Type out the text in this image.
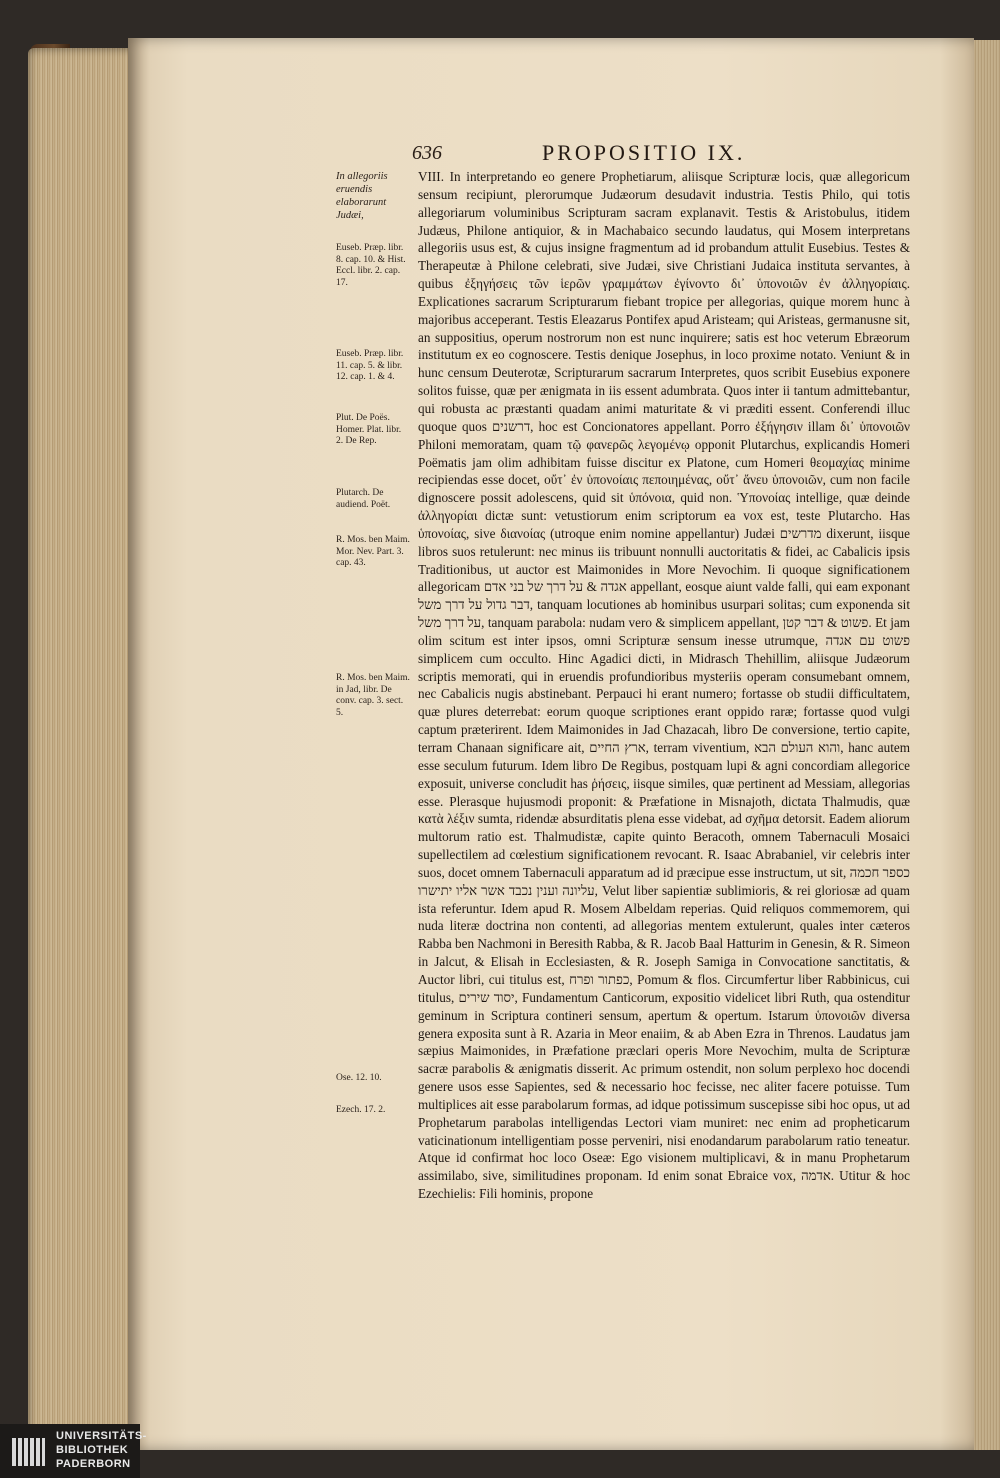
636	PROPOSITIO IX.
In allegoriis eruendis elaborarunt Judæi,
Euseb. Præp. libr. 8. cap. 10. & Hist. Eccl. libr. 2. cap. 17.
Euseb. Præp. libr. 11. cap. 5. & libr. 12. cap. 1. & 4.
Plut. De Poës. Homer. Plat. libr. 2. De Rep.
Plutarch. De audiend. Poët.
R. Mos. ben Maim. Mor. Nev. Part. 3. cap. 43.
R. Mos. ben Maim. in Jad, libr. De conv. cap. 3. sect. 5.
Ose. 12. 10.
Ezech. 17. 2.

VIII. In interpretando eo genere Prophetiarum, aliisque Scripturæ locis, quæ allegoricum sensum recipiunt, plerorumque Judæorum desudavit industria. Testis Philo, qui totis allegoriarum voluminibus Scripturam sacram explanavit. Testis & Aristobulus, itidem Judæus, Philone antiquior, & in Machabaico secundo laudatus, qui Mosem interpretans allegoriis usus est, & cujus insigne fragmentum ad id probandum attulit Eusebius. Testes & Therapeutæ à Philone celebrati, sive Judæi, sive Christiani Judaica instituta servantes, à quibus ἐξηγήσεις τῶν ἱερῶν γραμμάτων ἐγίνοντο δι᾽ ὑπονοιῶν ἐν ἀλληγορίαις. Explicationes sacrarum Scripturarum fiebant tropice per allegorias, quique morem hunc à majoribus acceperant. Testis Eleazarus Pontifex apud Aristeam; qui Aristeas, germanusne sit, an suppositius, operum nostrorum non est nunc inquirere; satis est hoc veterum Ebræorum institutum ex eo cognoscere. Testis denique Josephus, in loco proxime notato. Veniunt & in hunc censum Deuterotæ, Scripturarum sacrarum Interpretes, quos scribit Eusebius exponere solitos fuisse, quæ per ænigmata in iis essent adumbrata. Quos inter ii tantum admittebantur, qui robusta ac præstanti quadam animi maturitate & vi præditi essent. Conferendi illuc quoque quos דרשנים, hoc est Concionatores appellant. Porro ἐξήγησιν illam δι᾽ ὑπονοιῶν Philoni memoratam, quam τῷ φανερῶς λεγομένῳ opponit Plutarchus, explicandis Homeri Poëmatis jam olim adhibitam fuisse discitur ex Platone, cum Homeri θεομαχίας minime recipiendas esse docet, οὔτ᾽ ἐν ὑπονοίαις πεποιημένας, οὔτ᾽ ἄνευ ὑπονοιῶν, cum non facile dignoscere possit adolescens, quid sit ὑπόνοια, quid non. Ὑπονοίας intellige, quæ deinde ἀλληγορίαι dictæ sunt: vetustiorum enim scriptorum ea vox est, teste Plutarcho. Has ὑπονοίας, sive διανοίας (utroque enim nomine appellantur) Judæi מדרשים dixerunt, iisque libros suos retulerunt: nec minus iis tribuunt nonnulli auctoritatis & fidei, ac Cabalicis ipsis Traditionibus, ut auctor est Maimonides in More Nevochim. Ii quoque significationem allegoricam אגדה & על דרך של בני אדם appellant, eosque aiunt valde falli, qui eam exponant דבר גדול על דרך משל, tanquam locutiones ab hominibus usurpari solitas; cum exponenda sit על דרך משל, tanquam parabola: nudam vero & simplicem appellant, פשוט & דבר קטן. Et jam olim scitum est inter ipsos, omni Scripturæ sensum inesse utrumque, פשוט עם אגדה simplicem cum occulto. Hinc Agadici dicti, in Midrasch Thehillim, aliisque Judæorum scriptis memorati, qui in eruendis profundioribus mysteriis operam consumebant omnem, nec Cabalicis nugis abstinebant. Perpauci hi erant numero; fortasse ob studii difficultatem, quæ plures deterrebat: eorum quoque scriptiones erant oppido raræ; fortasse quod vulgi captum præterirent. Idem Maimonides in Jad Chazacah, libro De conversione, tertio capite, terram Chanaan significare ait, ארץ החיים, terram viventium, והוא העולם הבא, hanc autem esse seculum futurum. Idem libro De Regibus, postquam lupi & agni concordiam allegorice exposuit, universe concludit has ῥήσεις, iisque similes, quæ pertinent ad Messiam, allegorias esse. Plerasque hujusmodi proponit: & Præfatione in Misnajoth, dictata Thalmudis, quæ κατὰ λέξιν sumta, ridendæ absurditatis plena esse videbat, ad σχῆμα detorsit. Eadem aliorum multorum ratio est. Thalmudistæ, capite quinto Beracoth, omnem Tabernaculi Mosaici supellectilem ad cœlestium significationem revocant. R. Isaac Abrabaniel, vir celebris inter suos, docet omnem Tabernaculi apparatum ad id præcipue esse instructum, ut sit, כספר חכמה עליונה וענין נכבד אשר אליו יתישרו, Velut liber sapientiæ sublimioris, & rei gloriosæ ad quam ista referuntur. Idem apud R. Mosem Albeldam reperias. Quid reliquos commemorem, qui nuda literæ doctrina non contenti, ad allegorias mentem extulerunt, quales inter cæteros Rabba ben Nachmoni in Beresith Rabba, & R. Jacob Baal Hatturim in Genesin, & R. Simeon in Jalcut, & Elisah in Ecclesiasten, & R. Joseph Samiga in Convocatione sanctitatis, & Auctor libri, cui titulus est, כפתור ופרח, Pomum & flos. Circumfertur liber Rabbinicus, cui titulus, יסוד שירים, Fundamentum Canticorum, expositio videlicet libri Ruth, qua ostenditur geminum in Scriptura contineri sensum, apertum & opertum. Istarum ὑπονοιῶν diversa genera exposita sunt à R. Azaria in Meor enaiim, & ab Aben Ezra in Threnos. Laudatus jam sæpius Maimonides, in Præfatione præclari operis More Nevochim, multa de Scripturæ sacræ parabolis & ænigmatis disserit. Ac primum ostendit, non solum perplexo hoc docendi genere usos esse Sapientes, sed & necessario hoc fecisse, nec aliter facere potuisse. Tum multiplices ait esse parabolarum formas, ad idque potissimum suscepisse sibi hoc opus, ut ad Prophetarum parabolas intelligendas Lectori viam muniret: nec enim ad propheticarum vaticinationum intelligentiam posse perveniri, nisi enodandarum parabolarum ratio teneatur. Atque id confirmat hoc loco Oseæ: Ego visionem multiplicavi, & in manu Prophetarum assimilabo, sive, similitudines proponam. Id enim sonat Ebraice vox, אדמה. Utitur & hoc Ezechielis: Fili hominis, propone

UNIVERSITÄTS-
BIBLIOTHEK
PADERBORN
